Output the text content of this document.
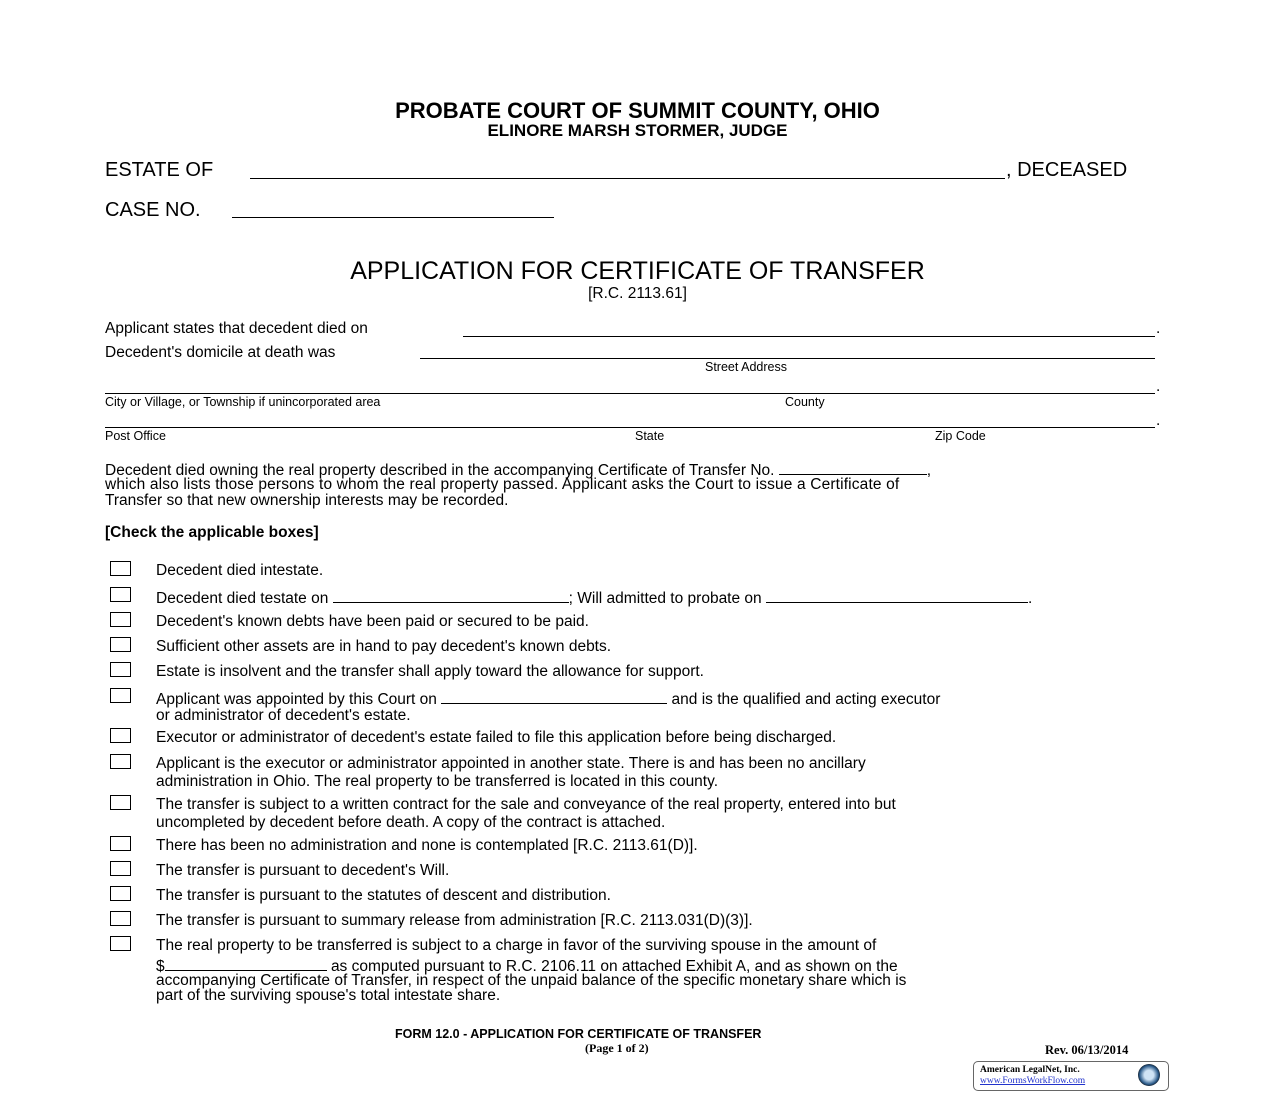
PROBATE COURT OF SUMMIT COUNTY, OHIO
ELINORE MARSH STORMER, JUDGE
ESTATE OF	, DECEASED
CASE NO.
APPLICATION FOR CERTIFICATE OF TRANSFER
[R.C. 2113.61]
Applicant states that decedent died on	.
Decedent's domicile at death was
Street Address
.
City or Village, or Township if unincorporated area	County
.
Post Office	State	Zip Code
Decedent died owning the real property described in the accompanying Certificate of Transfer No.	,
which also lists those persons to whom the real property passed. Applicant asks the Court to issue a Certificate of
Transfer so that new ownership interests may be recorded.
[Check the applicable boxes]
Decedent died intestate.
Decedent died testate on	; Will admitted to probate on	.
Decedent's known debts have been paid or secured to be paid.
Sufficient other assets are in hand to pay decedent's known debts.
Estate is insolvent and the transfer shall apply toward the allowance for support.
Applicant was appointed by this Court on	and is the qualified and acting executor
or administrator of decedent's estate.
Executor or administrator of decedent's estate failed to file this application before being discharged.
Applicant is the executor or administrator appointed in another state. There is and has been no ancillary
administration in Ohio. The real property to be transferred is located in this county.
The transfer is subject to a written contract for the sale and conveyance of the real property, entered into but
uncompleted by decedent before death. A copy of the contract is attached.
There has been no administration and none is contemplated [R.C. 2113.61(D)].
The transfer is pursuant to decedent's Will.
The transfer is pursuant to the statutes of descent and distribution.
The transfer is pursuant to summary release from administration [R.C. 2113.031(D)(3)].
The real property to be transferred is subject to a charge in favor of the surviving spouse in the amount of
$	as computed pursuant to R.C. 2106.11 on attached Exhibit A, and as shown on the
accompanying Certificate of Transfer, in respect of the unpaid balance of the specific monetary share which is
part of the surviving spouse's total intestate share.
FORM 12.0 - APPLICATION FOR CERTIFICATE OF TRANSFER
(Page 1 of 2)	Rev. 06/13/2014
American LegalNet, Inc.
www.FormsWorkFlow.com
